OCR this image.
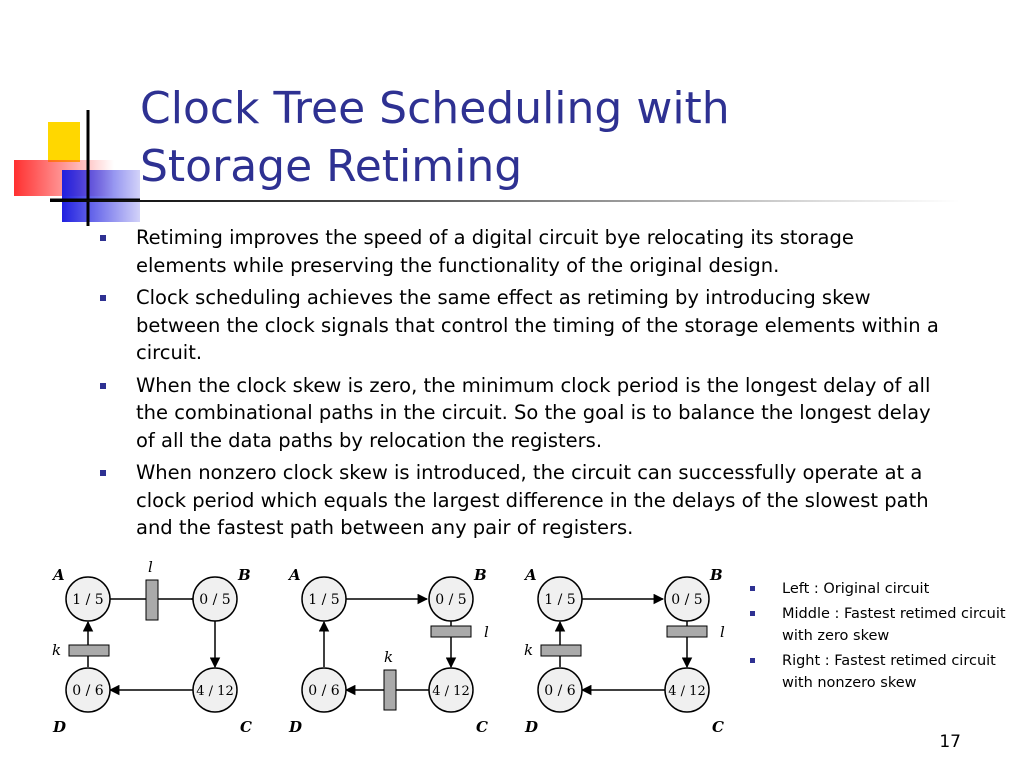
Clock Tree Scheduling with
Storage Retiming
Retiming improves the speed of a digital circuit bye relocating its storage elements while preserving the functionality of the original design.
Clock scheduling achieves the same effect as retiming by introducing skew between the clock signals that control the timing of the storage elements within a circuit.
When the clock skew is zero, the minimum clock period is the longest delay of all the combinational paths in the circuit. So the goal is to balance the longest delay of all the data paths by relocation the registers.
When nonzero clock skew is introduced, the circuit can successfully operate at a clock period which equals the largest difference in the delays of the slowest path and the fastest path between any pair of registers.
A	B
C
D
l
k
1 / 5	0 / 5
4 / 12
0 / 6
A	B
C
D
l
k
1 / 5	0 / 5
4 / 12
0 / 6
A	B
C
D
l
k
1 / 5	0 / 5
4 / 12
0 / 6
Left : Original circuit
Middle : Fastest retimed circuit with zero skew
Right : Fastest retimed circuit with nonzero skew
17
